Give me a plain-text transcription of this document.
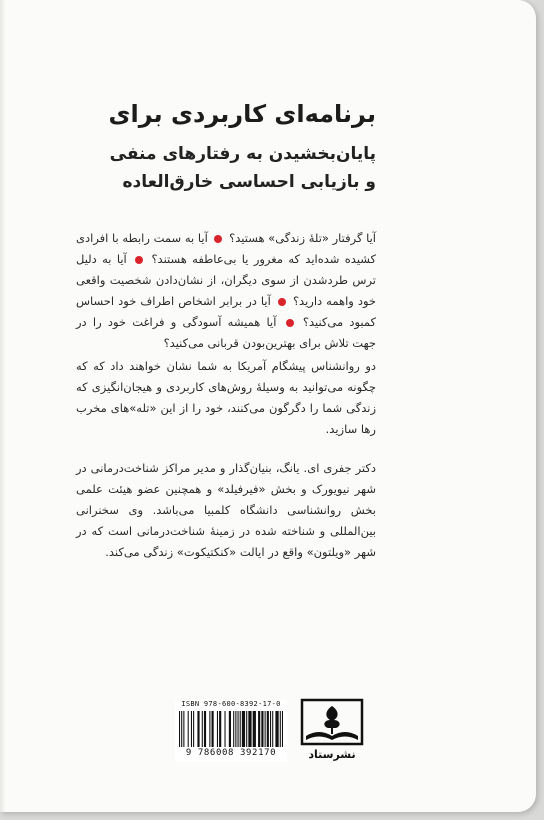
برنامه‌ای کاربردی برای
پایان‌بخشیدن به رفتارهای منفی
و بازیابی احساسی خارق‌العاده
آیا گرفتار «تلهٔ زندگی» هستید؟  آیا به سمت رابطه با افرادی کشیده شده‌اید که مغرور یا بی‌عاطفه هستند؟  آیا به دلیل ترس طردشدن از سوی دیگران، از نشان‌دادن شخصیت واقعی خود واهمه دارید؟  آیا در برابر اشخاص اطراف خود احساس کمبود می‌کنید؟  آیا همیشه آسودگی و فراغت خود را در جهت تلاش برای بهترین‌بودن قربانی می‌کنید؟
دو روانشناس پیشگام آمریکا به شما نشان خواهند داد که که چگونه می‌توانید به وسیلهٔ روش‌های کاربردی و هیجان‌انگیزی که زندگی شما را دگرگون می‌کنند، خود را از این «تله»های مخرب رها سازید.
دکتر جفری ای. یانگ، بنیان‌گذار و مدیر مراکز شناخت‌درمانی در شهر نیویورک و بخش «فیرفیلد» و همچنین عضو هیئت علمی بخش روانشناسی دانشگاه کلمبیا می‌باشد. وی سخنرانی بین‌المللی و شناخته شده در زمینهٔ شناخت‌درمانی است که در شهر «ویلتون» واقع در ایالت «کنکتیکوت» زندگی می‌کند.
ISBN 978-600-8392-17-0
9 786008 392170	نشرستاد
